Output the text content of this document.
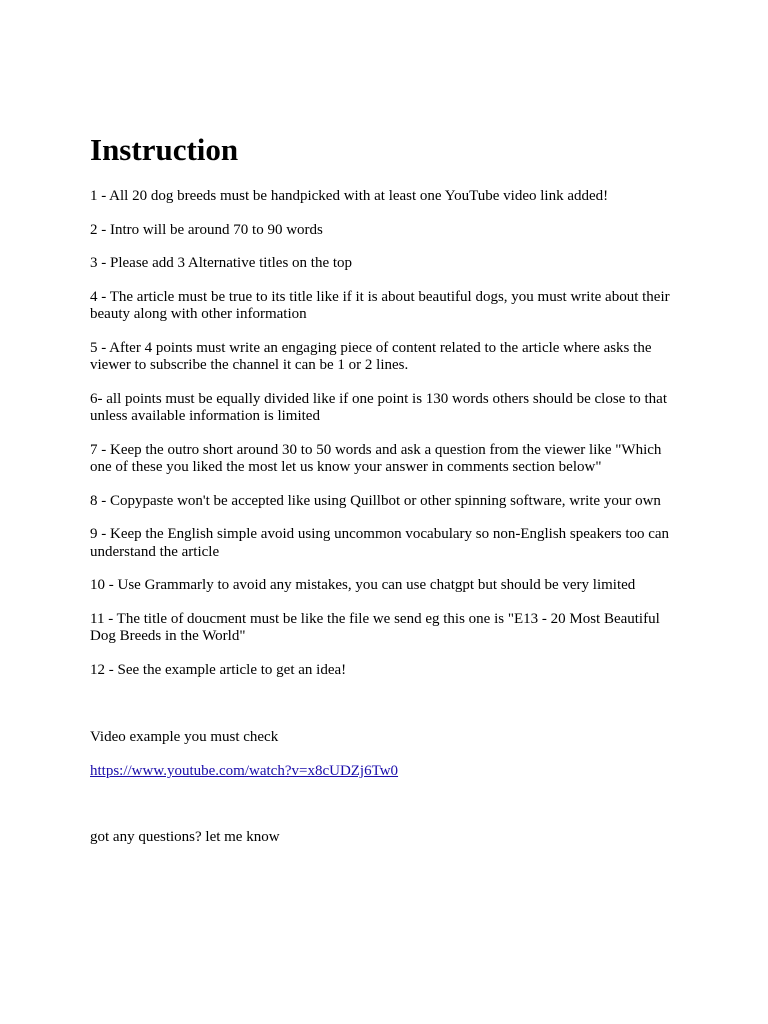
Instruction
1 - All 20 dog breeds must be handpicked with at least one YouTube video link added!
2 - Intro will be around 70 to 90 words
3 - Please add 3 Alternative titles on the top
4 - The article must be true to its title like if it is about beautiful dogs, you must write about their beauty along with other information
5 - After 4 points must write an engaging piece of content related to the article where asks the viewer to subscribe the channel it can be 1 or 2 lines.
6- all points must be equally divided like if one point is 130 words others should be close to that unless available information is limited
7 - Keep the outro short around 30 to 50 words and ask a question from the viewer like "Which one of these you liked the most let us know your answer in comments section below"
8 - Copypaste won't be accepted like using Quillbot or other spinning software, write your own
9 - Keep the English simple avoid using uncommon vocabulary so non-English speakers too can understand the article
10 - Use Grammarly to avoid any mistakes, you can use chatgpt but should be very limited
11 - The title of doucment must be like the file we send eg this one is "E13 - 20 Most Beautiful Dog Breeds in the World"
12 - See the example article to get an idea!

Video example you must check

https://www.youtube.com/watch?v=x8cUDZj6Tw0

got any questions? let me know
